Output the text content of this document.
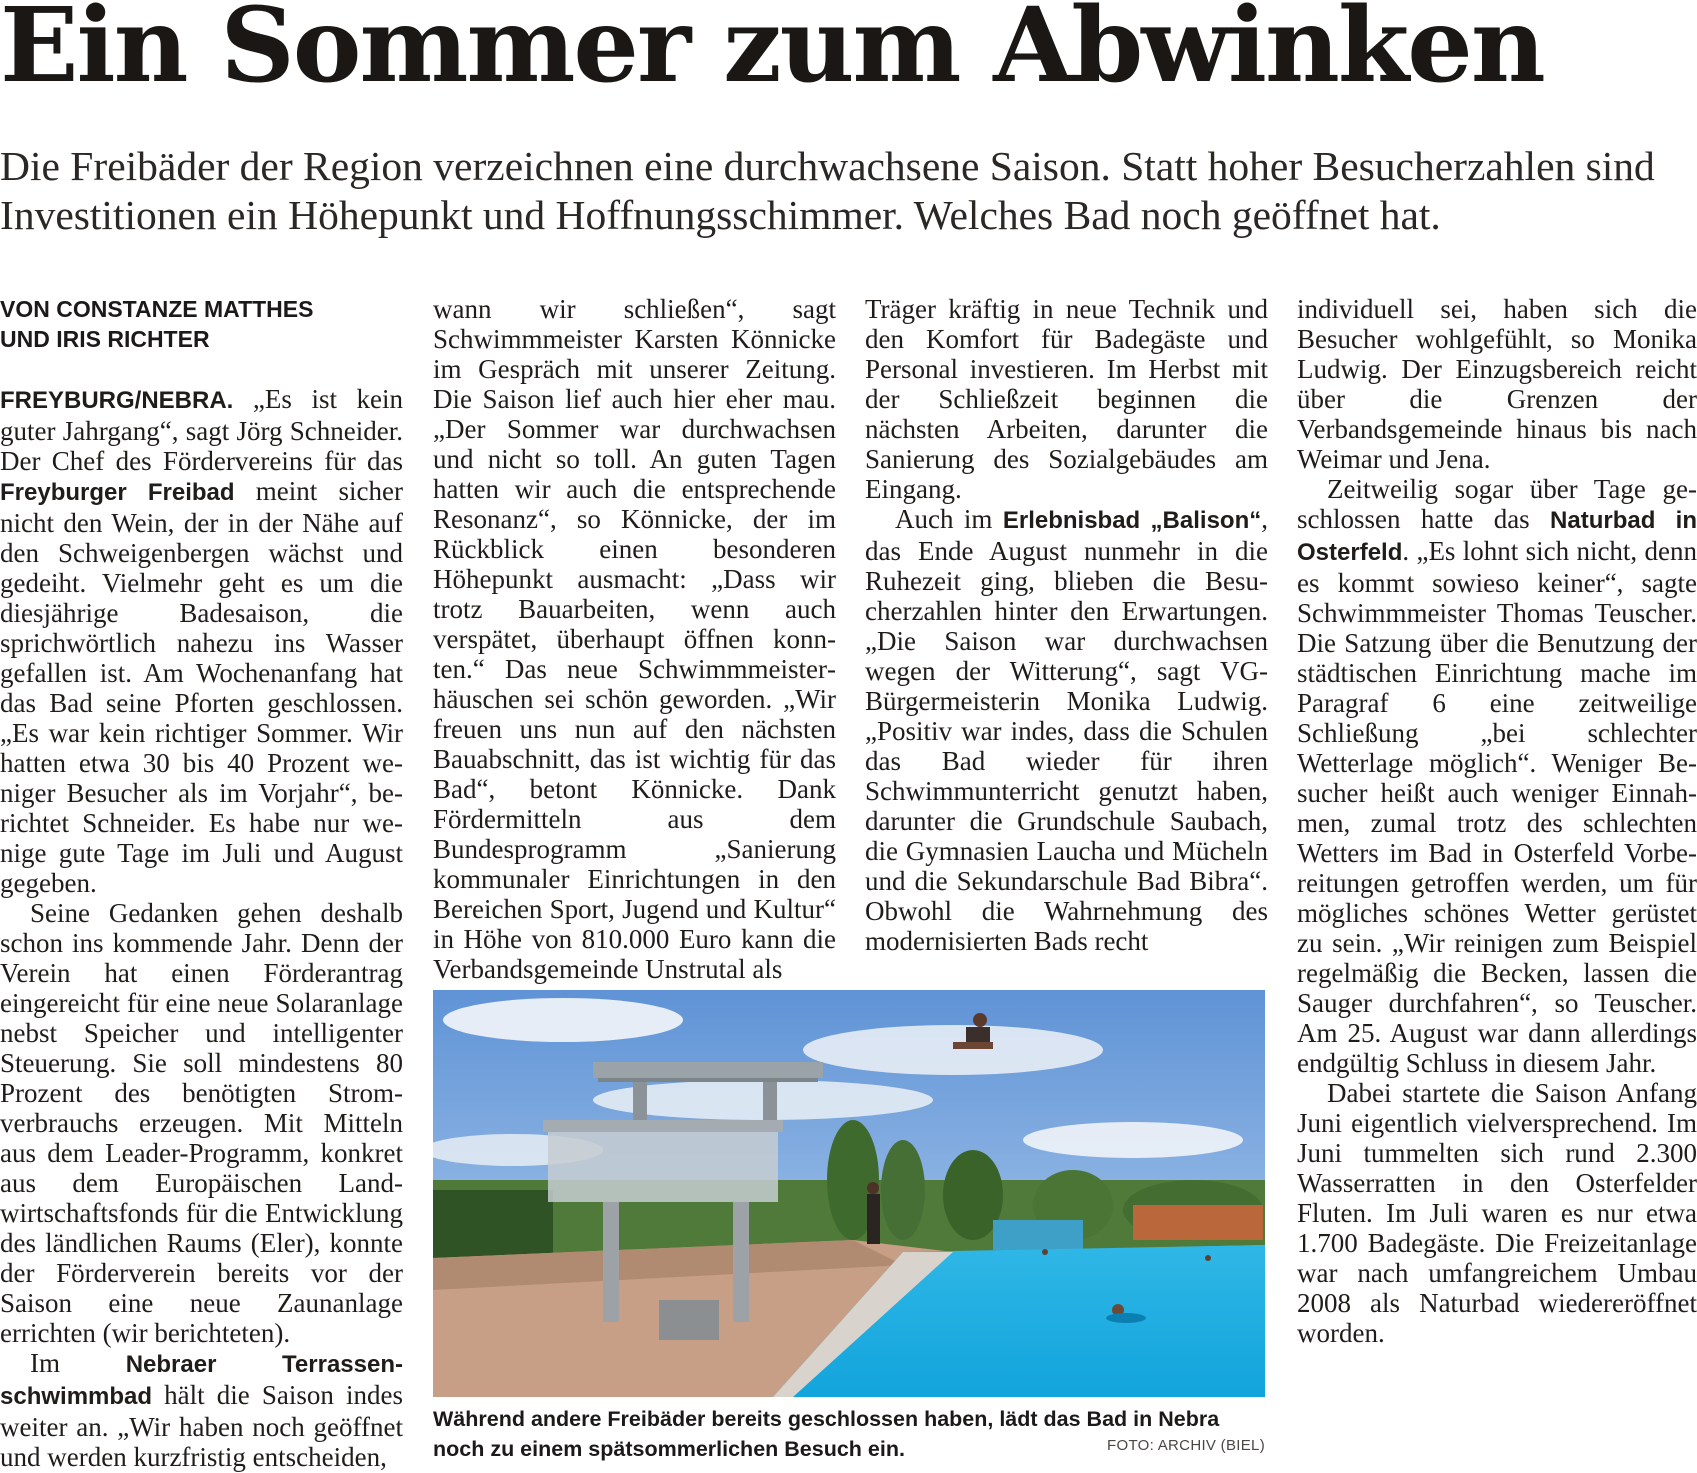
Ein Sommer zum Abwinken

Die Freibäder der Region verzeichnen eine durchwachsene Saison. Statt hoher Besucherzahlen sind Investitionen ein Höhepunkt und Hoffnungsschimmer. Welches Bad noch geöffnet hat.

VON CONSTANZE MATTHES
UND IRIS RICHTER

FREYBURG/NEBRA. „Es ist kein guter Jahrgang“, sagt Jörg Schneider. Der Chef des Fördervereins für das Freyburger Freibad meint sicher nicht den Wein, der in der Nähe auf den Schweigenbergen wächst und gedeiht. Vielmehr geht es um die diesjährige Badesaison, die sprichwörtlich nahezu ins Wasser gefallen ist. Am Wochenanfang hat das Bad seine Pforten geschlossen. „Es war kein richtiger Sommer. Wir hatten etwa 30 bis 40 Prozent weniger Besucher als im Vorjahr“, berichtet Schneider. Es habe nur wenige gute Tage im Juli und August gegeben.

Seine Gedanken gehen deshalb schon ins kommende Jahr. Denn der Verein hat einen Förderantrag eingereicht für eine neue Solaranlage nebst Speicher und intelligenter Steuerung. Sie soll mindestens 80 Prozent des benötigten Stromverbrauchs erzeugen. Mit Mitteln aus dem Leader-Programm, konkret aus dem Europäischen Landwirtschaftsfonds für die Entwicklung des ländlichen Raums (Eler), konnte der Förderverein bereits vor der Saison eine neue Zaunanlage errichten (wir berichteten).

Im Nebraer Terrassenschwimmbad hält die Saison indes weiter an. „Wir haben noch geöffnet und werden kurzfristig entscheiden,

wann wir schließen“, sagt Schwimmmeister Karsten Könnicke im Gespräch mit unserer Zeitung. Die Saison lief auch hier eher mau. „Der Sommer war durchwachsen und nicht so toll. An guten Tagen hatten wir auch die entsprechende Resonanz“, so Könnicke, der im Rückblick einen besonderen Höhepunkt ausmacht: „Dass wir trotz Bauarbeiten, wenn auch verspätet, überhaupt öffnen konnten.“ Das neue Schwimmmeisterhäuschen sei schön geworden. „Wir freuen uns nun auf den nächsten Bauabschnitt, das ist wichtig für das Bad“, betont Könnicke. Dank Fördermitteln aus dem Bundesprogramm „Sanierung kommunaler Einrichtungen in den Bereichen Sport, Jugend und Kultur“ in Höhe von 810.000 Euro kann die Verbandsgemeinde Unstrutal als

Träger kräftig in neue Technik und den Komfort für Badegäste und Personal investieren. Im Herbst mit der Schließzeit beginnen die nächsten Arbeiten, darunter die Sanierung des Sozialgebäudes am Eingang.

Auch im Erlebnisbad „Balison“, das Ende August nunmehr in die Ruhezeit ging, blieben die Besucherzahlen hinter den Erwartungen. „Die Saison war durchwachsen wegen der Witterung“, sagt VG-Bürgermeisterin Monika Ludwig. „Positiv war indes, dass die Schulen das Bad wieder für ihren Schwimmunterricht genutzt haben, darunter die Grundschule Saubach, die Gymnasien Laucha und Mücheln und die Sekundarschule Bad Bibra“. Obwohl die Wahrnehmung des modernisierten Bads recht

individuell sei, haben sich die Besucher wohlgefühlt, so Monika Ludwig. Der Einzugsbereich reicht über die Grenzen der Verbandsgemeinde hinaus bis nach Weimar und Jena.

Zeitweilig sogar über Tage geschlossen hatte das Naturbad in Osterfeld. „Es lohnt sich nicht, denn es kommt sowieso keiner“, sagte Schwimmmeister Thomas Teuscher. Die Satzung über die Benutzung der städtischen Einrichtung mache im Paragraf 6 eine zeitweilige Schließung „bei schlechter Wetterlage möglich“. Weniger Besucher heißt auch weniger Einnahmen, zumal trotz des schlechten Wetters im Bad in Osterfeld Vorbereitungen getroffen werden, um für mögliches schönes Wetter gerüstet zu sein. „Wir reinigen zum Beispiel regelmäßig die Becken, lassen die Sauger durchfahren“, so Teuscher. Am 25. August war dann allerdings endgültig Schluss in diesem Jahr.

Dabei startete die Saison Anfang Juni eigentlich vielversprechend. Im Juni tummelten sich rund 2.300 Wasserratten in den Osterfelder Fluten. Im Juli waren es nur etwa 1.700 Badegäste. Die Freizeitanlage war nach umfangreichem Umbau 2008 als Naturbad wiedereröffnet worden.

Während andere Freibäder bereits geschlossen haben, lädt das Bad in Nebra noch zu einem spätsommerlichen Besuch ein.	FOTO: ARCHIV (BIEL)
